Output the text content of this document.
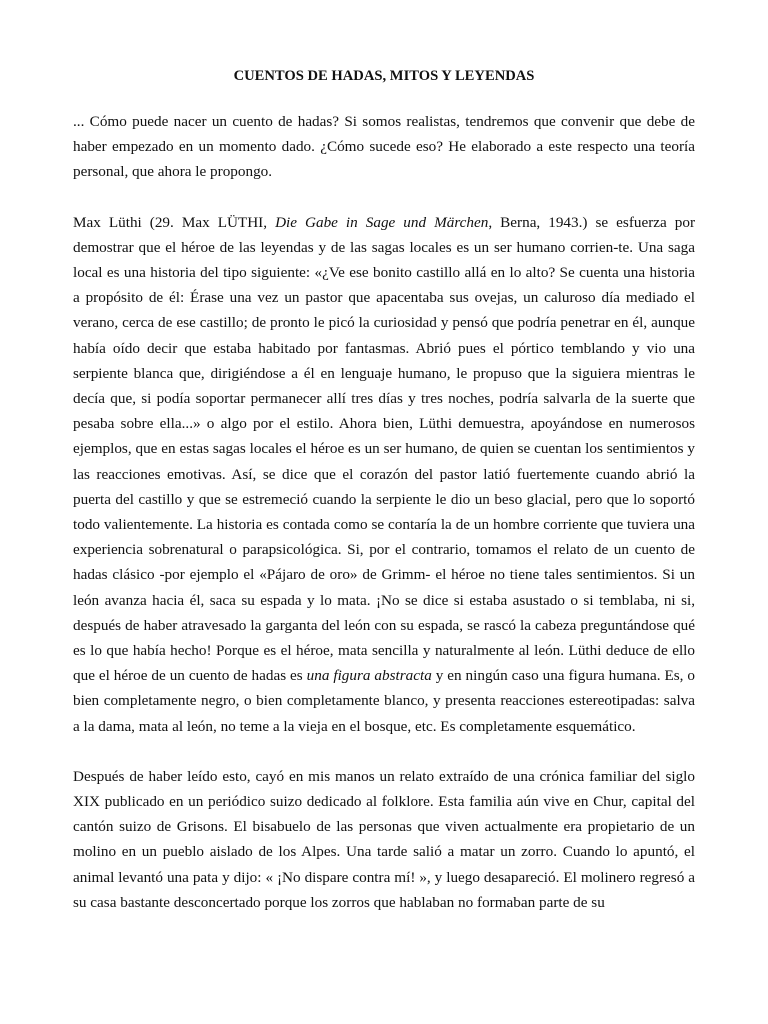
CUENTOS DE HADAS, MITOS Y LEYENDAS

... Cómo puede nacer un cuento de hadas? Si somos realistas, tendremos que convenir que debe de haber empezado en un momento dado. ¿Cómo sucede eso? He elaborado a este respecto una teoría personal, que ahora le propongo.

Max Lüthi (29. Max LÜTHI, Die Gabe in Sage und Märchen, Berna, 1943.) se esfuerza por demostrar que el héroe de las leyendas y de las sagas locales es un ser humano corrien-te. Una saga local es una historia del tipo siguiente: «¿Ve ese bonito castillo allá en lo alto? Se cuenta una historia a propósito de él: Érase una vez un pastor que apacentaba sus ovejas, un caluroso día mediado el verano, cerca de ese castillo; de pronto le picó la curiosidad y pensó que podría penetrar en él, aunque había oído decir que estaba habitado por fantasmas. Abrió pues el pórtico temblando y vio una serpiente blanca que, dirigiéndose a él en lenguaje humano, le propuso que la siguiera mientras le decía que, si podía soportar permanecer allí tres días y tres noches, podría salvarla de la suerte que pesaba sobre ella...» o algo por el estilo. Ahora bien, Lüthi demuestra, apoyándose en numerosos ejemplos, que en estas sagas locales el héroe es un ser humano, de quien se cuentan los sentimientos y las reacciones emotivas. Así, se dice que el corazón del pastor latió fuertemente cuando abrió la puerta del castillo y que se estremeció cuando la serpiente le dio un beso glacial, pero que lo soportó todo valientemente. La historia es contada como se contaría la de un hombre corriente que tuviera una experiencia sobrenatural o parapsicológica. Si, por el contrario, tomamos el relato de un cuento de hadas clásico -por ejemplo el «Pájaro de oro» de Grimm- el héroe no tiene tales sentimientos. Si un león avanza hacia él, saca su espada y lo mata. ¡No se dice si estaba asustado o si temblaba, ni si, después de haber atravesado la garganta del león con su espada, se rascó la cabeza preguntándose qué es lo que había hecho! Porque es el héroe, mata sencilla y naturalmente al león. Lüthi deduce de ello que el héroe de un cuento de hadas es una figura abstracta y en ningún caso una figura humana. Es, o bien completamente negro, o bien completamente blanco, y presenta reacciones estereotipadas: salva a la dama, mata al león, no teme a la vieja en el bosque, etc. Es completamente esquemático.

Después de haber leído esto, cayó en mis manos un relato extraído de una crónica familiar del siglo XIX publicado en un periódico suizo dedicado al folklore. Esta familia aún vive en Chur, capital del cantón suizo de Grisons. El bisabuelo de las personas que viven actualmente era propietario de un molino en un pueblo aislado de los Alpes. Una tarde salió a matar un zorro. Cuando lo apuntó, el animal levantó una pata y dijo: « ¡No dispare contra mí! », y luego desapareció. El molinero regresó a su casa bastante desconcertado porque los zorros que hablaban no formaban parte de su
